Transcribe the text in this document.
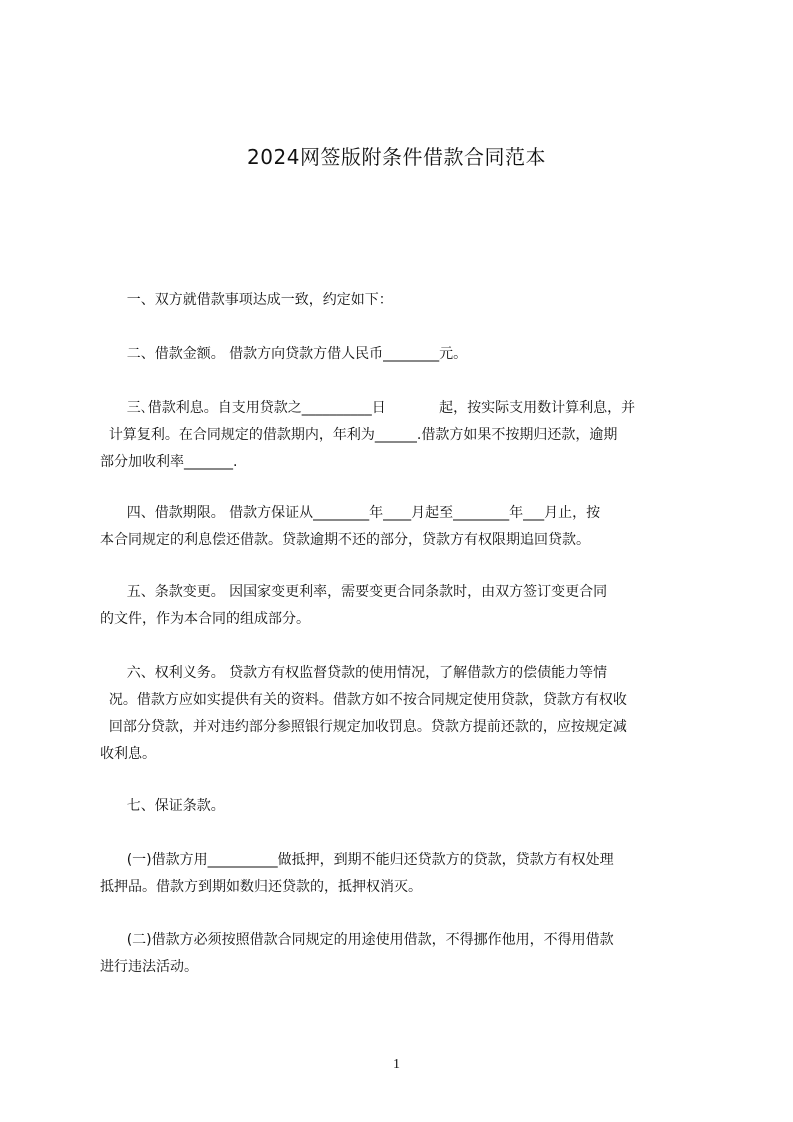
2024网签版附条件借款合同范本
一、双方就借款事项达成一致，约定如下：
二、借款金额。 借款方向贷款方借人民币________元。
三､借款利息。自支用贷款之__________日            起，按实际支用数计算利息，并
计算复利。在合同规定的借款期内，年利为______.借款方如果不按期归还款，逾期
部分加收利率_______.
四、借款期限。 借款方保证从________年____月起至________年___月止，按
本合同规定的利息偿还借款。贷款逾期不还的部分，贷款方有权限期追回贷款。
五、条款变更。 因国家变更利率，需要变更合同条款时，由双方签订变更合同
的文件，作为本合同的组成部分。
六、权利义务。 贷款方有权监督贷款的使用情况，了解借款方的偿债能力等情
况。借款方应如实提供有关的资料。借款方如不按合同规定使用贷款，贷款方有权收
回部分贷款，并对违约部分参照银行规定加收罚息。贷款方提前还款的，应按规定减
收利息。
七、保证条款。
(一)借款方用__________做抵押，到期不能归还贷款方的贷款，贷款方有权处理
抵押品。借款方到期如数归还贷款的，抵押权消灭。
(二)借款方必须按照借款合同规定的用途使用借款，不得挪作他用，不得用借款
进行违法活动。
1
